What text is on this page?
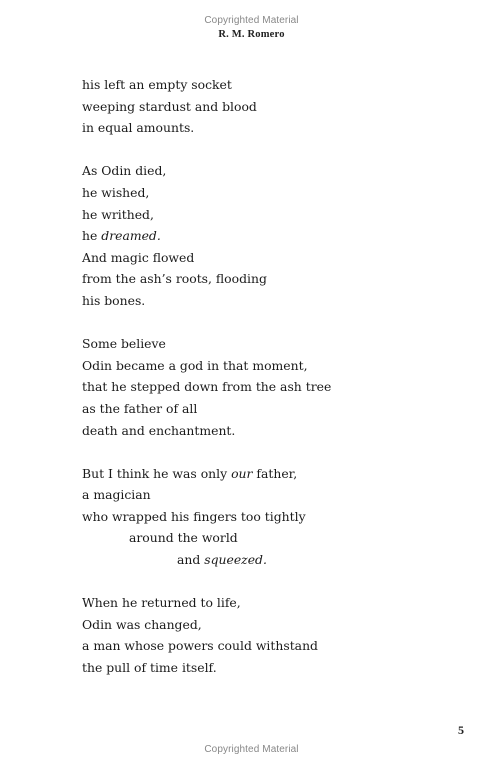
Copyrighted Material
R. M. Romero
his left an empty socket
weeping stardust and blood
in equal amounts.
As Odin died,
he wished,
he writhed,
he dreamed.
And magic flowed
from the ash’s roots, flooding
his bones.
Some believe
Odin became a god in that moment,
that he stepped down from the ash tree
as the father of all
death and enchantment.
But I think he was only our father,
a magician
who wrapped his fingers too tightly
around the world
and squeezed.
When he returned to life,
Odin was changed,
a man whose powers could withstand
the pull of time itself.
5
Copyrighted Material
